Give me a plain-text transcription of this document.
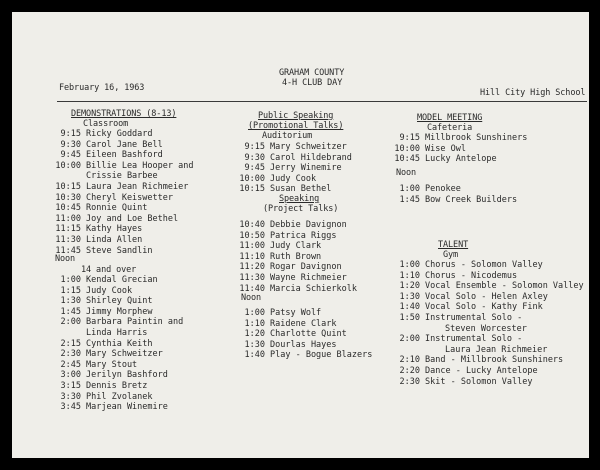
February 16, 1963
GRAHAM COUNTY
4-H CLUB DAY
Hill City High School
DEMONSTRATIONS (8-13)
Classroom
9:15 Ricky Goddard
9:30 Carol Jane Bell
9:45 Eileen Bashford
10:00 Billie Lea Hooper and
Crissie Barbee
10:15 Laura Jean Richmeier
10:30 Cheryl Keiswetter
10:45 Ronnie Quint
11:00 Joy and Loe Bethel
11:15 Kathy Hayes
11:30 Linda Allen
11:45 Steve Sandlin
Noon
14 and over
1:00 Kendal Grecian
1:15 Judy Cook
1:30 Shirley Quint
1:45 Jimmy Morphew
2:00 Barbara Paintin and
Linda Harris
2:15 Cynthia Keith
2:30 Mary Schweitzer
2:45 Mary Stout
3:00 Jerilyn Bashford
3:15 Dennis Bretz
3:30 Phil Zvolanek
3:45 Marjean Winemire
Public Speaking
(Promotional Talks)
Auditorium
9:15 Mary Schweitzer
9:30 Carol Hildebrand
9:45 Jerry Winemire
10:00 Judy Cook
10:15 Susan Bethel
Speaking
(Project Talks)
10:40 Debbie Davignon
10:50 Patrica Riggs
11:00 Judy Clark
11:10 Ruth Brown
11:20 Rogar Davignon
11:30 Wayne Richmeier
11:40 Marcia Schierkolk
Noon
1:00 Patsy Wolf
1:10 Raidene Clark
1:20 Charlotte Quint
1:30 Dourlas Hayes
1:40 Play - Bogue Blazers
MODEL MEETING
Cafeteria
9:15 Millbrook Sunshiners
10:00 Wise Owl
10:45 Lucky Antelope
Noon
1:00 Penokee
1:45 Bow Creek Builders
TALENT
Gym
1:00 Chorus - Solomon Valley
1:10 Chorus - Nicodemus
1:20 Vocal Ensemble - Solomon Valley
1:30 Vocal Solo - Helen Axley
1:40 Vocal Solo - Kathy Fink
1:50 Instrumental Solo -
Steven Worcester
2:00 Instrumental Solo -
Laura Jean Richmeier
2:10 Band - Millbrook Sunshiners
2:20 Dance - Lucky Antelope
2:30 Skit - Solomon Valley
